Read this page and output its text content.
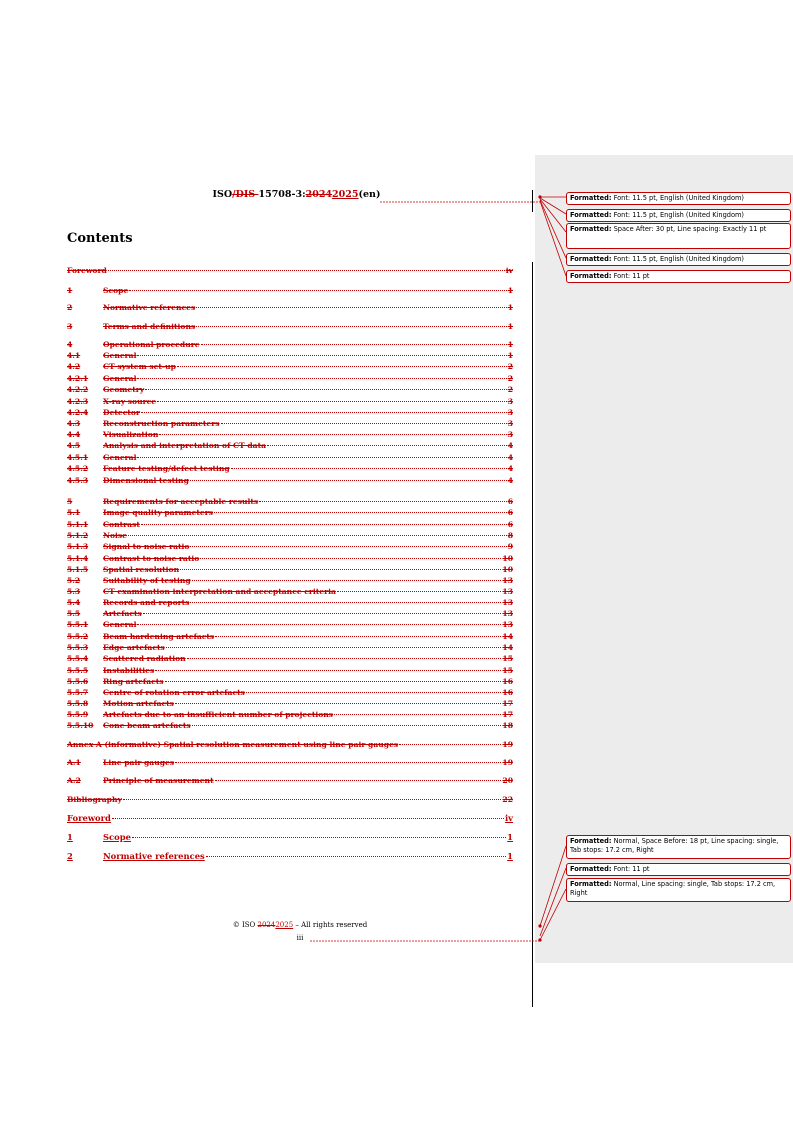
ISO/DIS 15708-3:20242025(en)
Contents
Foreword	iv
1	Scope	1
2	Normative references	1
3	Terms and definitions	1
4	Operational procedure	1
4.1	General	1
4.2	CT system set-up	2
4.2.1	General	2
4.2.2	Geometry	2
4.2.3	X-ray source	3
4.2.4	Detector	3
4.3	Reconstruction parameters	3
4.4	Visualization	3
4.5	Analysis and interpretation of CT data	4
4.5.1	General	4
4.5.2	Feature testing/defect testing	4
4.5.3	Dimensional testing	4
5	Requirements for acceptable results	6
5.1	Image quality parameters	6
5.1.1	Contrast	6
5.1.2	Noise	8
5.1.3	Signal to noise ratio	9
5.1.4	Contrast to noise ratio	10
5.1.5	Spatial resolution	10
5.2	Suitability of testing	13
5.3	CT examination interpretation and acceptance criteria	13
5.4	Records and reports	13
5.5	Artefacts	13
5.5.1	General	13
5.5.2	Beam hardening artefacts	14
5.5.3	Edge artefacts	14
5.5.4	Scattered radiation	15
5.5.5	Instabilities	15
5.5.6	Ring artefacts	16
5.5.7	Centre of rotation error artefacts	16
5.5.8	Motion artefacts	17
5.5.9	Artefacts due to an insufficient number of projections	17
5.5.10	Cone beam artefacts	18
Annex A (informative) Spatial resolution measurement using line pair gauges	19
A.1	Line pair gauges	19
A.2	Principle of measurement	20
Bibliography	22
Foreword	iv
1	Scope	1
2	Normative references	1
© ISO 20242025 – All rights reserved
iii
Formatted: Font: 11.5 pt, English (United Kingdom)
Formatted: Font: 11.5 pt, English (United Kingdom)
Formatted: Space After: 30 pt, Line spacing: Exactly 11 pt
Formatted: Font: 11.5 pt, English (United Kingdom)
Formatted: Font: 11 pt
Formatted: Normal, Space Before: 18 pt, Line spacing: single, Tab stops: 17.2 cm, Right
Formatted: Font: 11 pt
Formatted: Normal, Line spacing: single, Tab stops: 17.2 cm, Right
